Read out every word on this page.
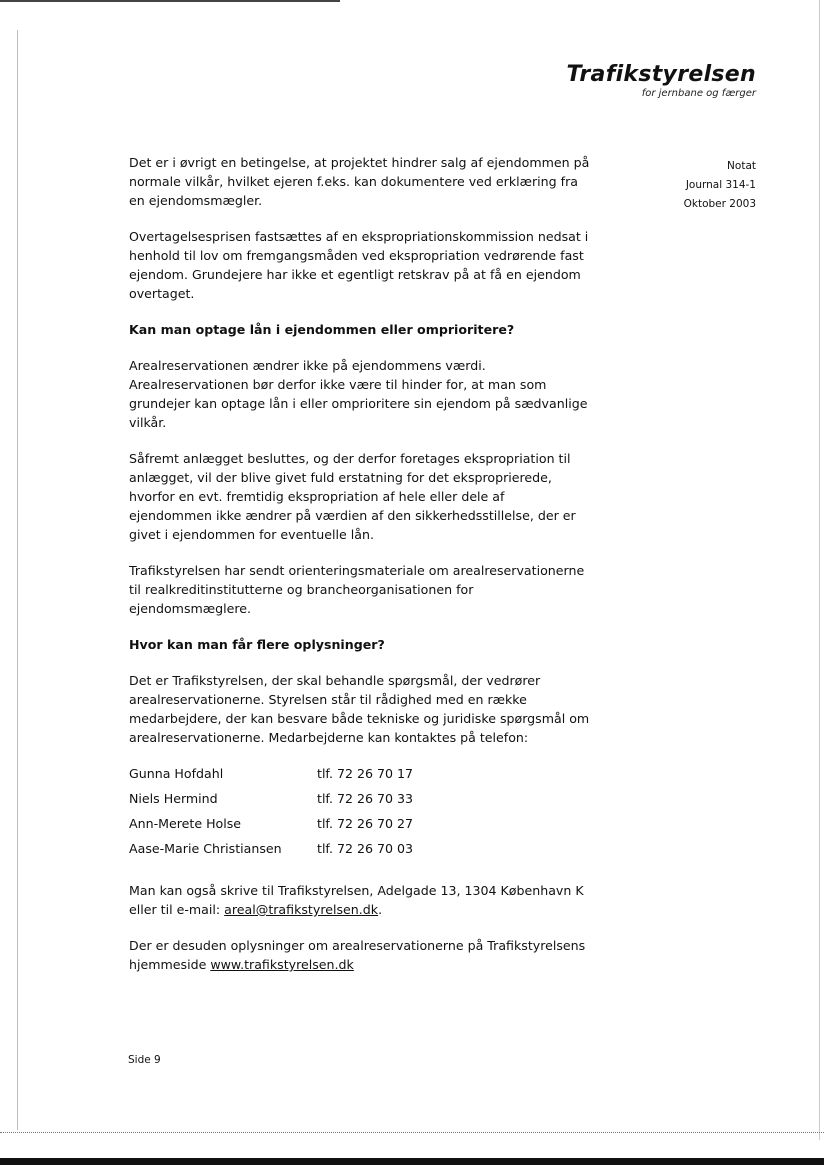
Trafikstyrelsen
for jernbane og færger
Notat
Journal 314-1
Oktober 2003

Det er i øvrigt en betingelse, at projektet hindrer salg af ejendommen på normale vilkår, hvilket ejeren f.eks. kan dokumentere ved erklæring fra en ejendomsmægler.

Overtagelsesprisen fastsættes af en ekspropriationskommission nedsat i henhold til lov om fremgangsmåden ved ekspropriation vedrørende fast ejendom. Grundejere har ikke et egentligt retskrav på at få en ejendom overtaget.

Kan man optage lån i ejendommen eller omprioritere?

Arealreservationen ændrer ikke på ejendommens værdi. Arealreservationen bør derfor ikke være til hinder for, at man som grundejer kan optage lån i eller omprioritere sin ejendom på sædvanlige vilkår.

Såfremt anlægget besluttes, og der derfor foretages ekspropriation til anlægget, vil der blive givet fuld erstatning for det eksproprierede, hvorfor en evt. fremtidig ekspropriation af hele eller dele af ejendommen ikke ændrer på værdien af den sikkerhedsstillelse, der er givet i ejendommen for eventuelle lån.

Trafikstyrelsen har sendt orienteringsmateriale om arealreservationerne til realkreditinstitutterne og brancheorganisationen for ejendomsmæglere.

Hvor kan man får flere oplysninger?

Det er Trafikstyrelsen, der skal behandle spørgsmål, der vedrører arealreservationerne. Styrelsen står til rådighed med en række medarbejdere, der kan besvare både tekniske og juridiske spørgsmål om arealreservationerne. Medarbejderne kan kontaktes på telefon:

Gunna Hofdahl	tlf. 72 26 70 17
Niels Hermind	tlf. 72 26 70 33
Ann-Merete Holse	tlf. 72 26 70 27
Aase-Marie Christiansen	tlf. 72 26 70 03

Man kan også skrive til Trafikstyrelsen, Adelgade 13, 1304 København K eller til e-mail: areal@trafikstyrelsen.dk.

Der er desuden oplysninger om arealreservationerne på Trafikstyrelsens hjemmeside www.trafikstyrelsen.dk

Side 9
